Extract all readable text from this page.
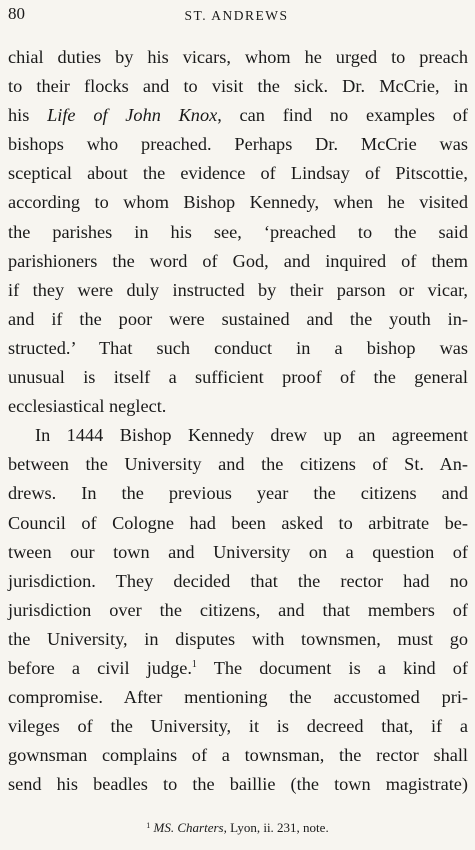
80	ST. ANDREWS
chial duties by his vicars, whom he urged to preach
to their flocks and to visit the sick. Dr. McCrie, in
his Life of John Knox, can find no examples of
bishops who preached. Perhaps Dr. McCrie was
sceptical about the evidence of Lindsay of Pitscottie,
according to whom Bishop Kennedy, when he visited
the parishes in his see, ‘preached to the said
parishioners the word of God, and inquired of them
if they were duly instructed by their parson or vicar,
and if the poor were sustained and the youth in-
structed.’ That such conduct in a bishop was
unusual is itself a sufficient proof of the general
ecclesiastical neglect.
In 1444 Bishop Kennedy drew up an agreement
between the University and the citizens of St. An-
drews. In the previous year the citizens and
Council of Cologne had been asked to arbitrate be-
tween our town and University on a question of
jurisdiction. They decided that the rector had no
jurisdiction over the citizens, and that members of
the University, in disputes with townsmen, must go
before a civil judge.$^1$ The document is a kind of
compromise. After mentioning the accustomed pri-
vileges of the University, it is decreed that, if a
gownsman complains of a townsman, the rector shall
send his beadles to the baillie (the town magistrate)
$^1$ MS. Charters, Lyon, ii. 231, note.
